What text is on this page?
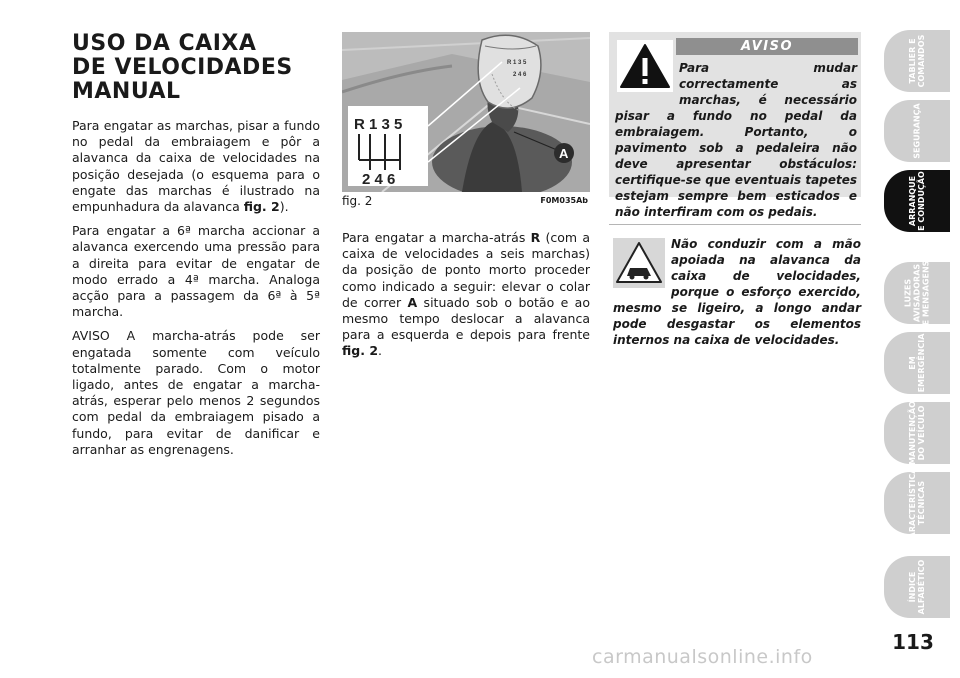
USO DA CAIXA
DE VELOCIDADES
MANUAL

Para engatar as marchas, pisar a fundo no pedal da embraiagem e pôr a alavanca da caixa de velocidades na posição desejada (o esquema para o engate das marchas é ilustrado na empunhadura da alavanca fig. 2).

Para engatar a 6ª marcha accionar a alavanca exercendo uma pressão para a direita para evitar de engatar de modo errado a 4ª marcha. Analoga acção para a passagem da 6ª à 5ª marcha.

AVISO A marcha-atrás pode ser engatada somente com veículo totalmente parado. Com o motor ligado, antes de engatar a marcha-atrás, esperar pelo menos 2 segundos com pedal da embraiagem pisado a fundo, para evitar de danificar e arranhar as engrenagens.

R 1 3 5
2 4 6
R 1 3 5
2 4 6
A
fig. 2	F0M035Ab

Para engatar a marcha-atrás R (com a caixa de velocidades a seis marchas) da posição de ponto morto proceder como indicado a seguir: elevar o colar de correr A situado sob o botão e ao mesmo tempo deslocar a alavanca para a esquerda e depois para frente fig. 2.

AVISO
Para mudar correctamente as marchas, é necessário pisar a fundo no pedal da embraiagem. Portanto, o pavimento sob a pedaleira não deve apresentar obstáculos: certifique-se que eventuais tapetes estejam sempre bem esticados e não interfiram com os pedais.
Não conduzir com a mão apoiada na alavanca da caixa de velocidades, porque o esforço exercido, mesmo se ligeiro, a longo andar pode desgastar os elementos internos na caixa de velocidades.
TABLIER E
COMANDOS
SEGURANÇA
ARRANQUE
E CONDUÇÃO
LUZES
AVISADORAS
E MENSAGENS
EM
EMERGÊNCIA
MANUTENÇÃO
DO VEÍCULO
CARACTERÍSTICAS
TÉCNICAS
ÍNDICE
ALFABÉTICO
113
carmanualsonline.info
